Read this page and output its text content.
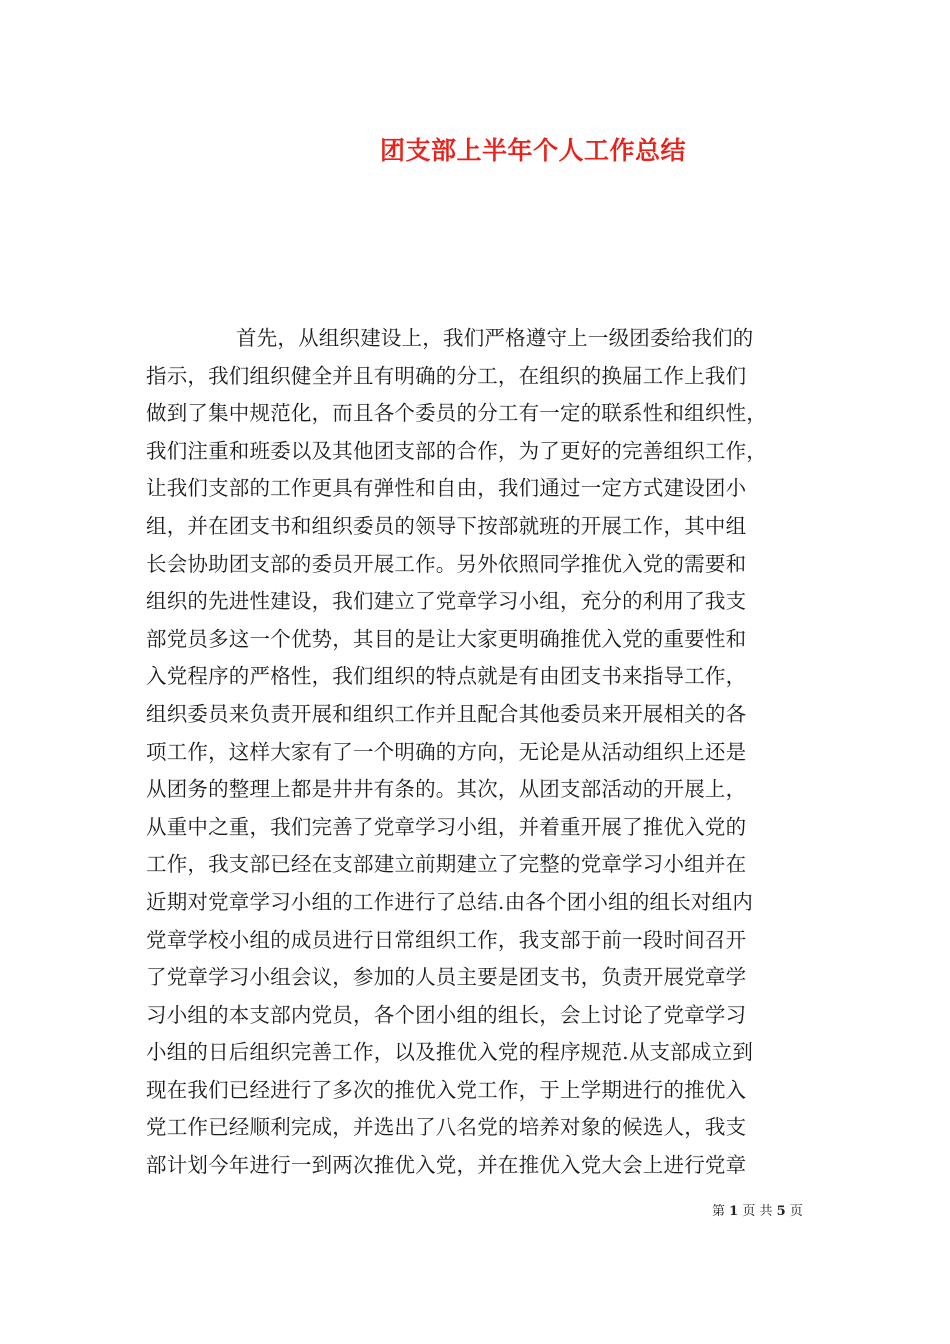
团支部上半年个人工作总结
首先，从组织建设上，我们严格遵守上一级团委给我们的
指示，我们组织健全并且有明确的分工，在组织的换届工作上我们
做到了集中规范化，而且各个委员的分工有一定的联系性和组织性，
我们注重和班委以及其他团支部的合作，为了更好的完善组织工作，
让我们支部的工作更具有弹性和自由，我们通过一定方式建设团小
组，并在团支书和组织委员的领导下按部就班的开展工作，其中组
长会协助团支部的委员开展工作。另外依照同学推优入党的需要和
组织的先进性建设，我们建立了党章学习小组，充分的利用了我支
部党员多这一个优势，其目的是让大家更明确推优入党的重要性和
入党程序的严格性，我们组织的特点就是有由团支书来指导工作，
组织委员来负责开展和组织工作并且配合其他委员来开展相关的各
项工作，这样大家有了一个明确的方向，无论是从活动组织上还是
从团务的整理上都是井井有条的。其次，从团支部活动的开展上，
从重中之重，我们完善了党章学习小组，并着重开展了推优入党的
工作，我支部已经在支部建立前期建立了完整的党章学习小组并在
近期对党章学习小组的工作进行了总结.由各个团小组的组长对组内
党章学校小组的成员进行日常组织工作，我支部于前一段时间召开
了党章学习小组会议，参加的人员主要是团支书，负责开展党章学
习小组的本支部内党员，各个团小组的组长，会上讨论了党章学习
小组的日后组织完善工作，以及推优入党的程序规范.从支部成立到
现在我们已经进行了多次的推优入党工作，于上学期进行的推优入
党工作已经顺利完成，并选出了八名党的培养对象的候选人，我支
部计划今年进行一到两次推优入党，并在推优入党大会上进行党章
第 1 页 共 5 页
